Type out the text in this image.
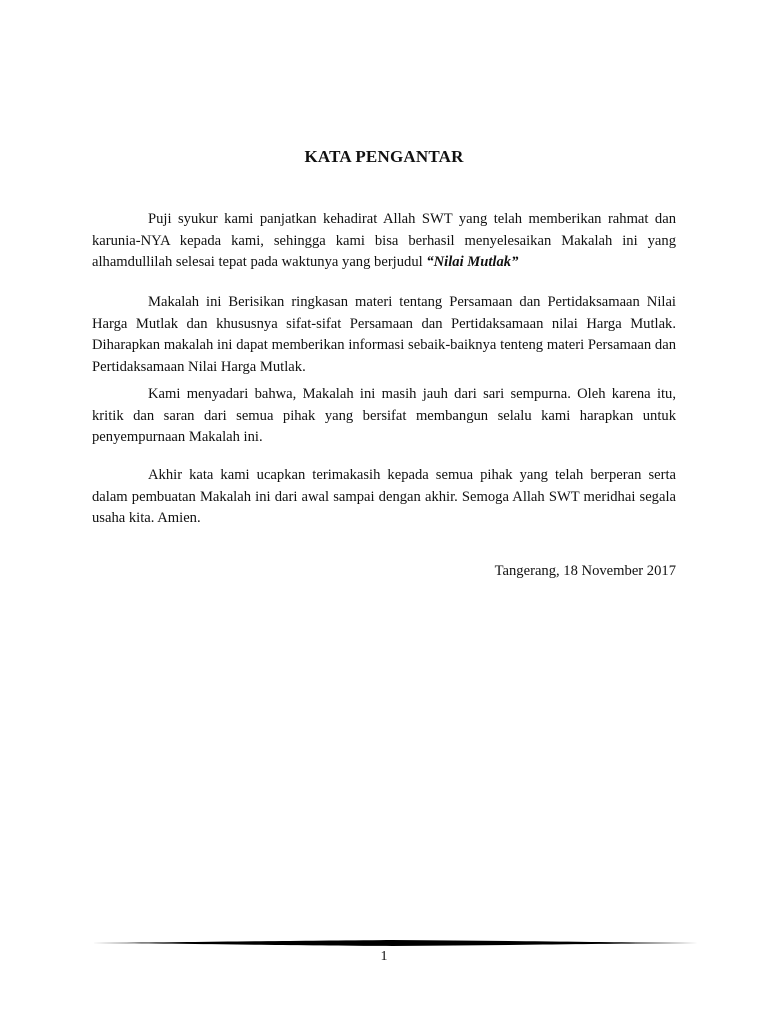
KATA PENGANTAR

Puji syukur kami panjatkan kehadirat Allah SWT yang telah memberikan rahmat dan karunia-NYA kepada kami, sehingga kami bisa berhasil menyelesaikan Makalah ini yang alhamdullilah selesai tepat pada waktunya yang berjudul “Nilai Mutlak”

Makalah ini Berisikan ringkasan materi tentang Persamaan dan Pertidaksamaan Nilai Harga Mutlak dan khususnya sifat-sifat Persamaan dan Pertidaksamaan nilai Harga Mutlak. Diharapkan makalah ini dapat memberikan informasi sebaik-baiknya tenteng materi Persamaan dan Pertidaksamaan Nilai Harga Mutlak.

Kami menyadari bahwa, Makalah ini masih jauh dari sari sempurna. Oleh karena itu, kritik dan saran dari semua pihak yang bersifat membangun selalu kami harapkan untuk penyempurnaan Makalah ini.

Akhir kata kami ucapkan terimakasih kepada semua pihak yang telah berperan serta dalam pembuatan Makalah ini dari awal sampai dengan akhir. Semoga Allah SWT meridhai segala usaha kita. Amien.

Tangerang, 18 November 2017
1
